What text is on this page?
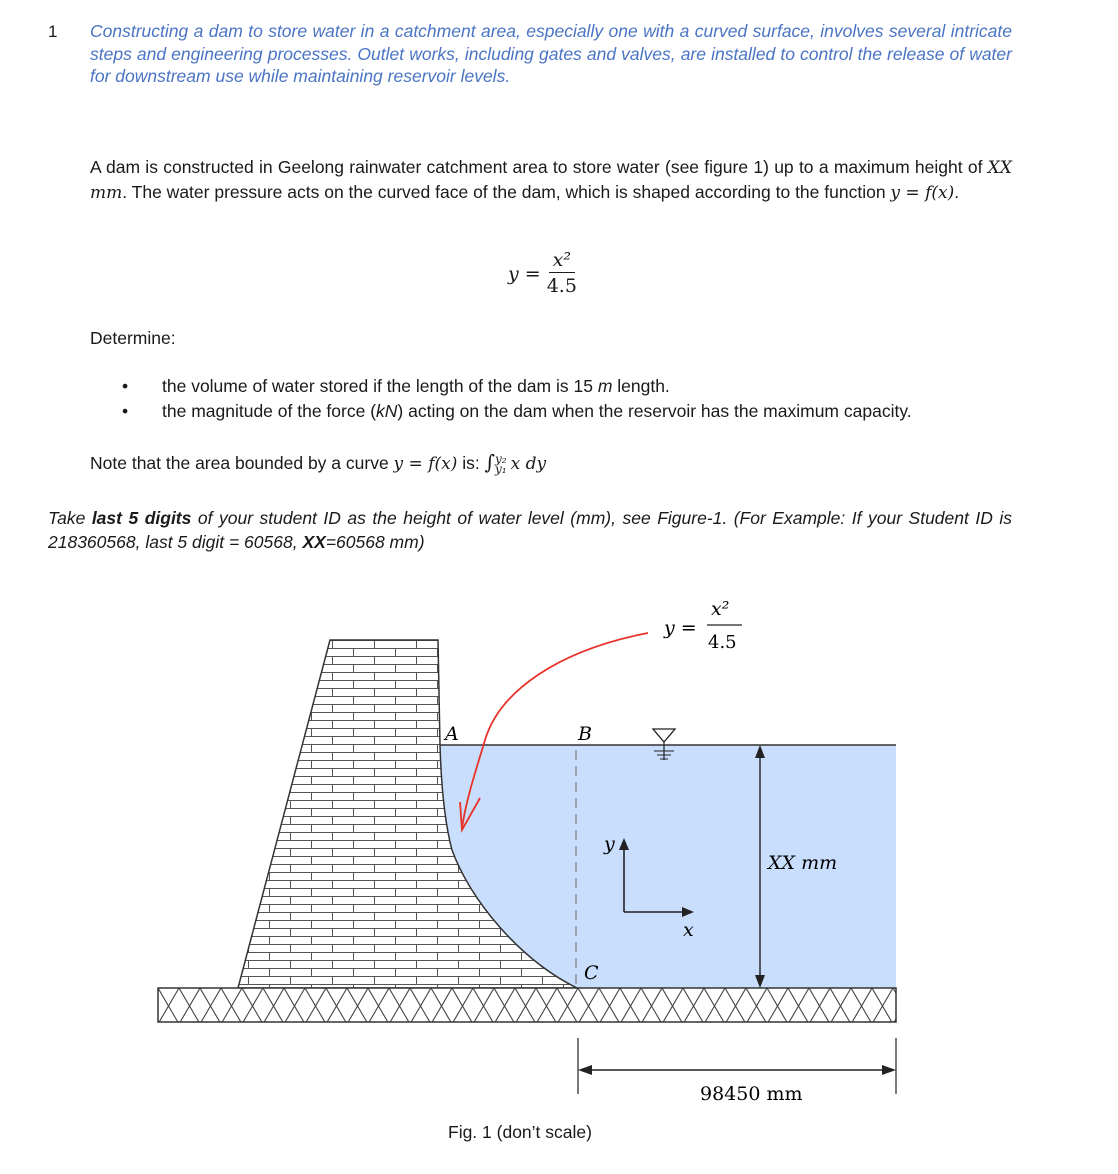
1 Constructing a dam to store water in a catchment area, especially one with a curved surface, involves several intricate steps and engineering processes. Outlet works, including gates and valves, are installed to control the release of water for downstream use while maintaining reservoir levels.
A dam is constructed in Geelong rainwater catchment area to store water (see figure 1) up to a maximum height of XX mm. The water pressure acts on the curved face of the dam, which is shaped according to the function y = f(x).
$y = \frac{\text{x²}}{4.5}$
Determine:
• the volume of water stored if the length of the dam is 15 m length.
• the magnitude of the force (kN) acting on the dam when the reservoir has the maximum capacity.
Note that the area bounded by a curve y = f(x) is: ∫ y₂
y₁ x dy
Take last 5 digits of your student ID as the height of water level (mm), see Figure-1. (For Example: If your Student ID is 218360568, last 5 digit = 60568, XX=60568 mm)
A	B
C
y
x
XX mm
98450 mm
y =
x²
4.5
Fig. 1 (don’t scale)
